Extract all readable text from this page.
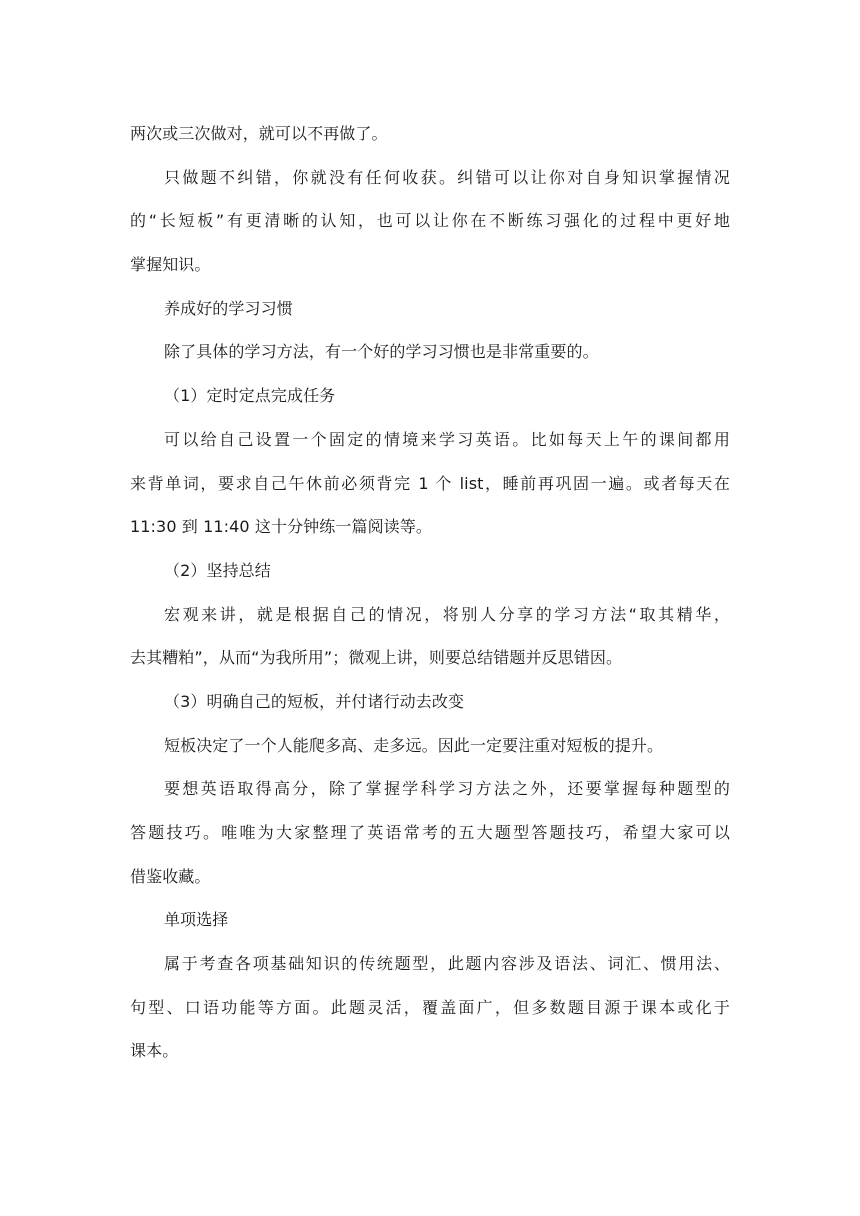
两次或三次做对，就可以不再做了。
只做题不纠错，你就没有任何收获。纠错可以让你对自身知识掌握情况
的“长短板”有更清晰的认知，也可以让你在不断练习强化的过程中更好地
掌握知识。
养成好的学习习惯
除了具体的学习方法，有一个好的学习习惯也是非常重要的。
（1）定时定点完成任务
可以给自己设置一个固定的情境来学习英语。比如每天上午的课间都用
来背单词，要求自己午休前必须背完 1 个 list，睡前再巩固一遍。或者每天在
11:30 到 11:40 这十分钟练一篇阅读等。
（2）坚持总结
宏观来讲，就是根据自己的情况，将别人分享的学习方法“取其精华，
去其糟粕”，从而“为我所用”；微观上讲，则要总结错题并反思错因。
（3）明确自己的短板，并付诸行动去改变
短板决定了一个人能爬多高、走多远。因此一定要注重对短板的提升。
要想英语取得高分，除了掌握学科学习方法之外，还要掌握每种题型的
答题技巧。唯唯为大家整理了英语常考的五大题型答题技巧，希望大家可以
借鉴收藏。
单项选择
属于考查各项基础知识的传统题型，此题内容涉及语法、词汇、惯用法、
句型、口语功能等方面。此题灵活，覆盖面广，但多数题目源于课本或化于
课本。
